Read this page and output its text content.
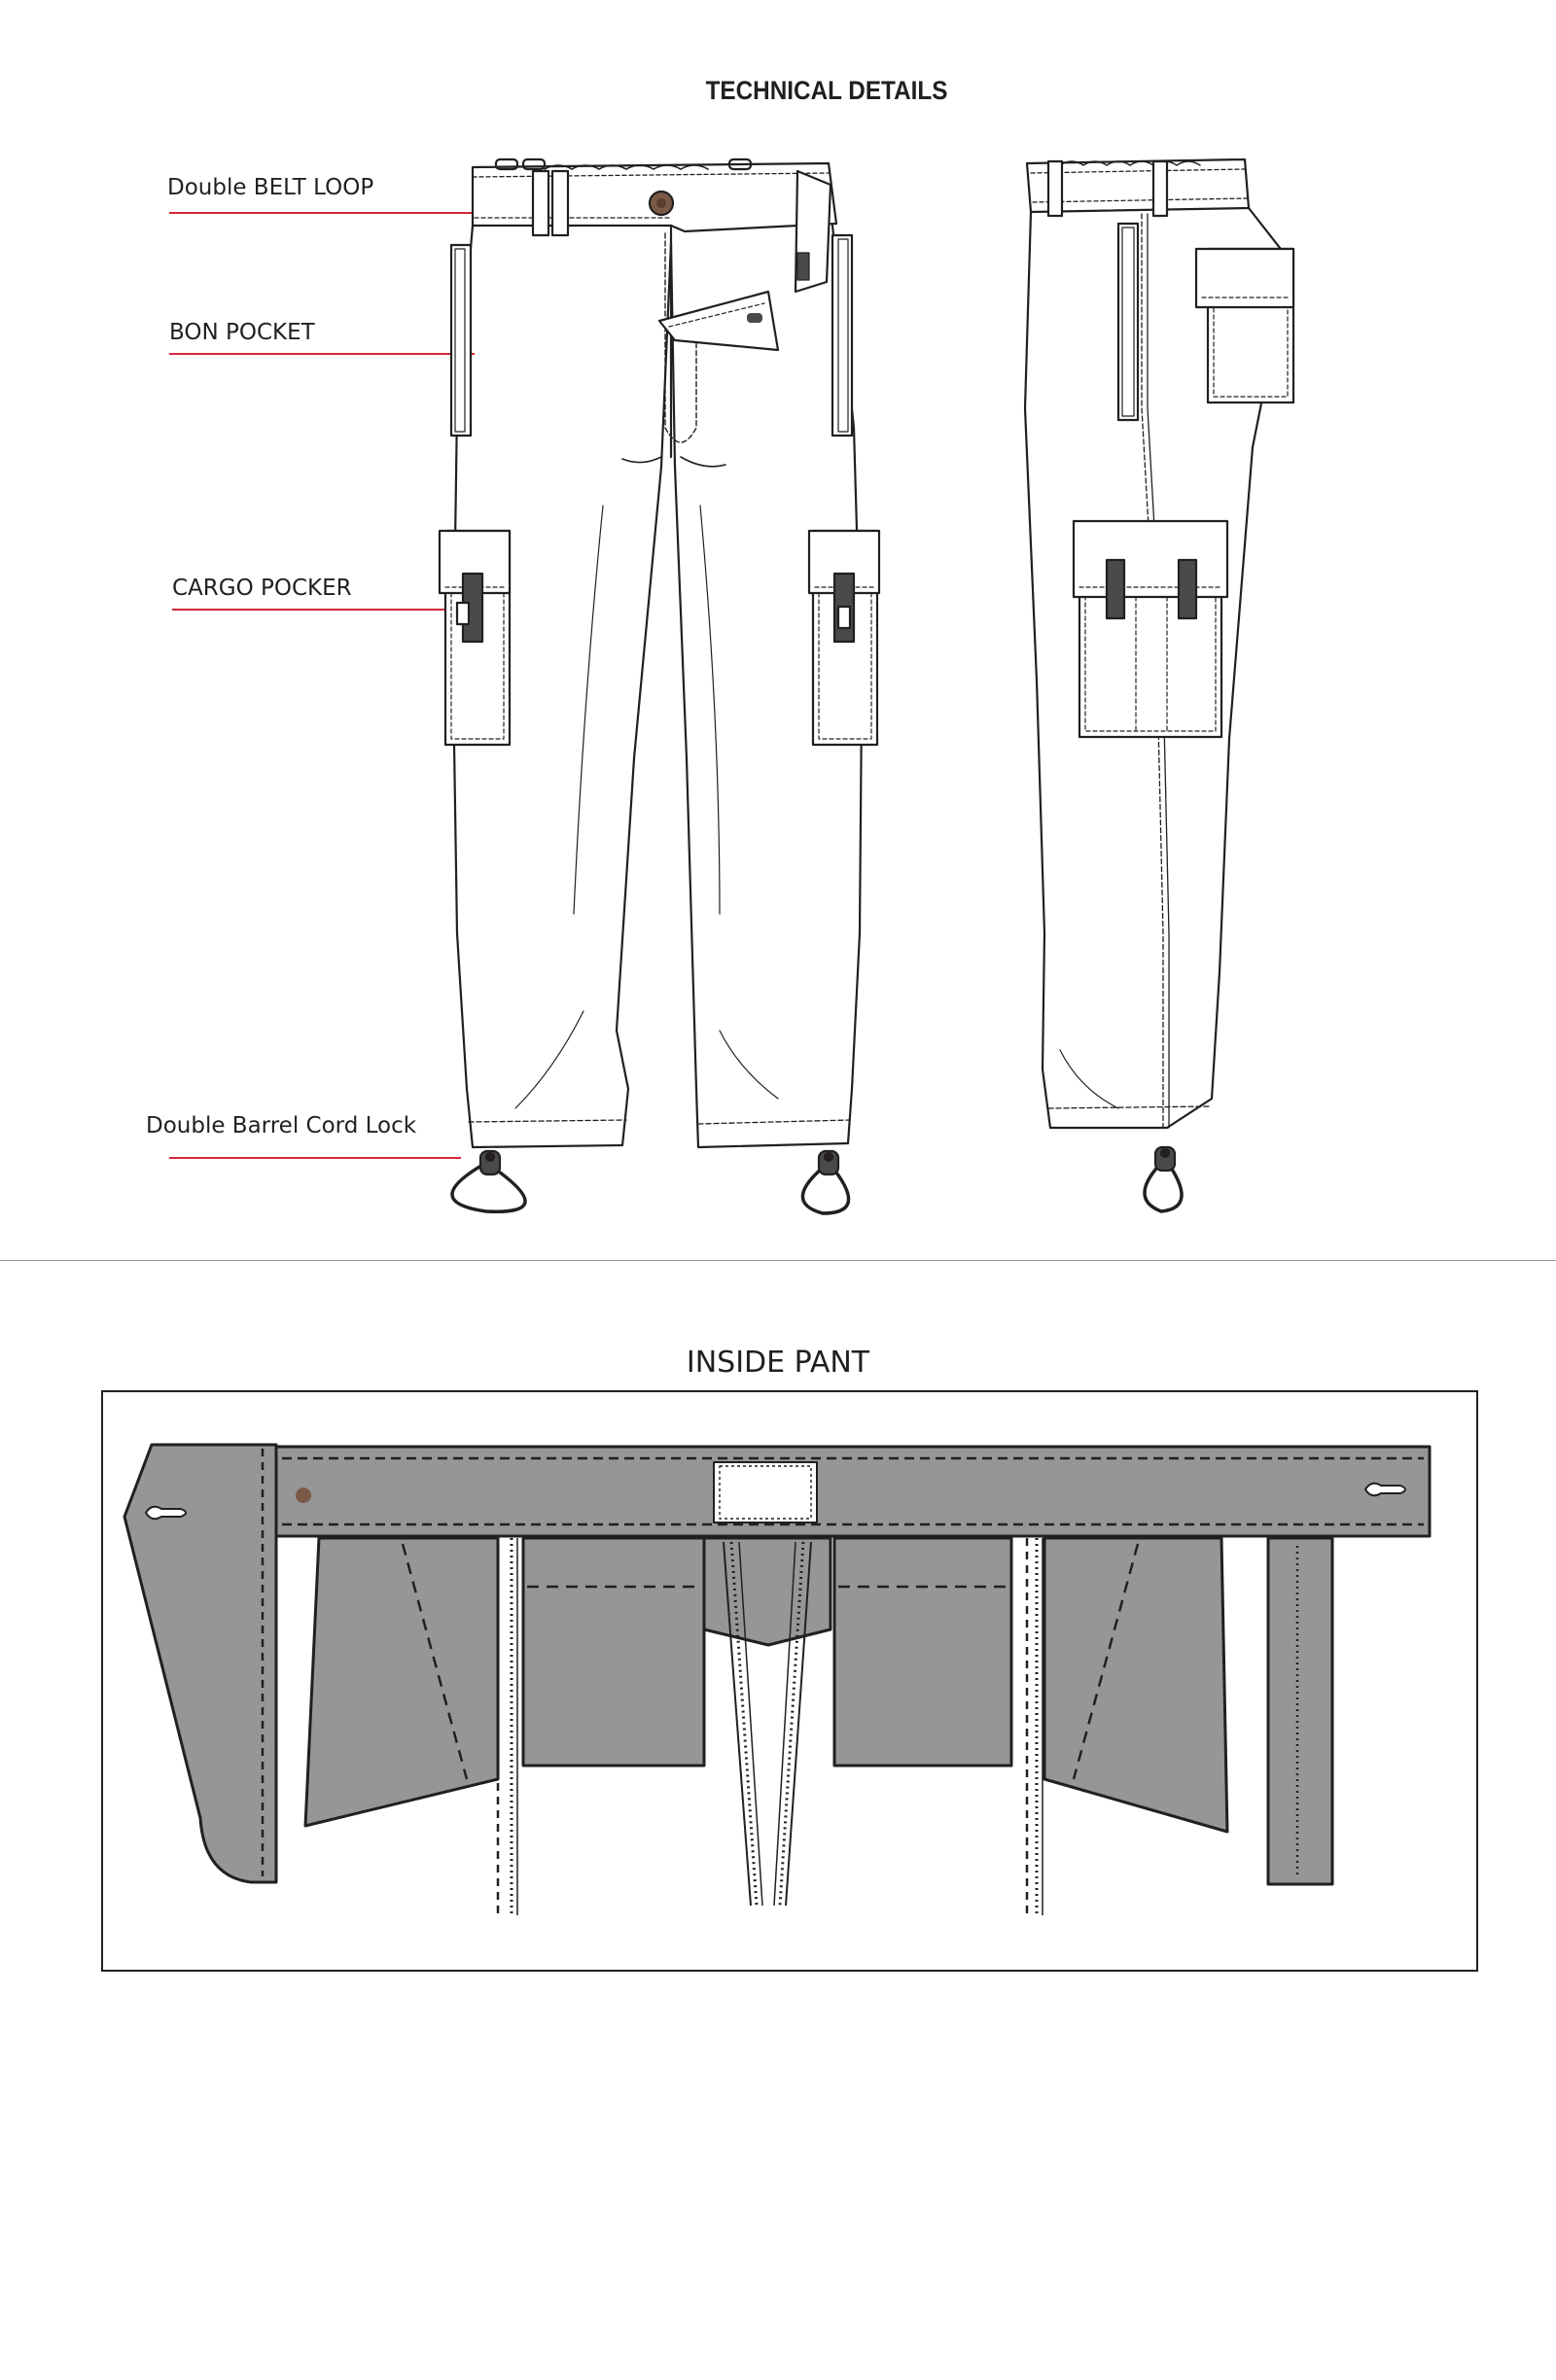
TECHNICAL DETAILS
Double BELT LOOP
BON POCKET
CARGO POCKER
Double Barrel Cord Lock
INSIDE PANT
